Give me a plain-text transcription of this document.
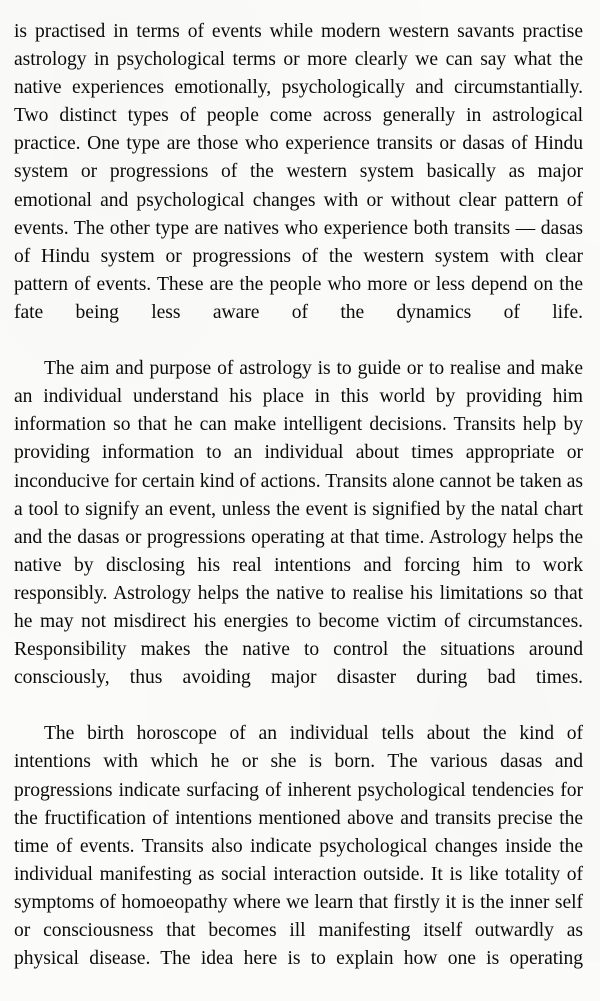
is practised in terms of events while modern western savants practise astrology in psychological terms or more clearly we can say what the native experiences emotionally, psychologically and circumstantially. Two distinct types of people come across generally in astrological practice. One type are those who experience transits or dasas of Hindu system or progressions of the western system basically as major emotional and psychological changes with or without clear pattern of events. The other type are natives who experience both transits — dasas of Hindu system or progressions of the western system with clear pattern of events. These are the people who more or less depend on the fate being less aware of the dynamics of life.

The aim and purpose of astrology is to guide or to realise and make an individual understand his place in this world by providing him information so that he can make intelligent decisions. Transits help by providing information to an individual about times appropriate or inconducive for certain kind of actions. Transits alone cannot be taken as a tool to signify an event, unless the event is signified by the natal chart and the dasas or progressions operating at that time. Astrology helps the native by disclosing his real intentions and forcing him to work responsibly. Astrology helps the native to realise his limitations so that he may not misdirect his energies to become victim of circumstances. Responsibility makes the native to control the situations around consciously, thus avoiding major disaster during bad times.

The birth horoscope of an individual tells about the kind of intentions with which he or she is born. The various dasas and progressions indicate surfacing of inherent psychological tendencies for the fructification of intentions mentioned above and transits precise the time of events. Transits also indicate psychological changes inside the individual manifesting as social interaction outside. It is like totality of symptoms of homoeopathy where we learn that firstly it is the inner self or consciousness that becomes ill manifesting itself outwardly as physical disease. The idea here is to explain how one is operating
